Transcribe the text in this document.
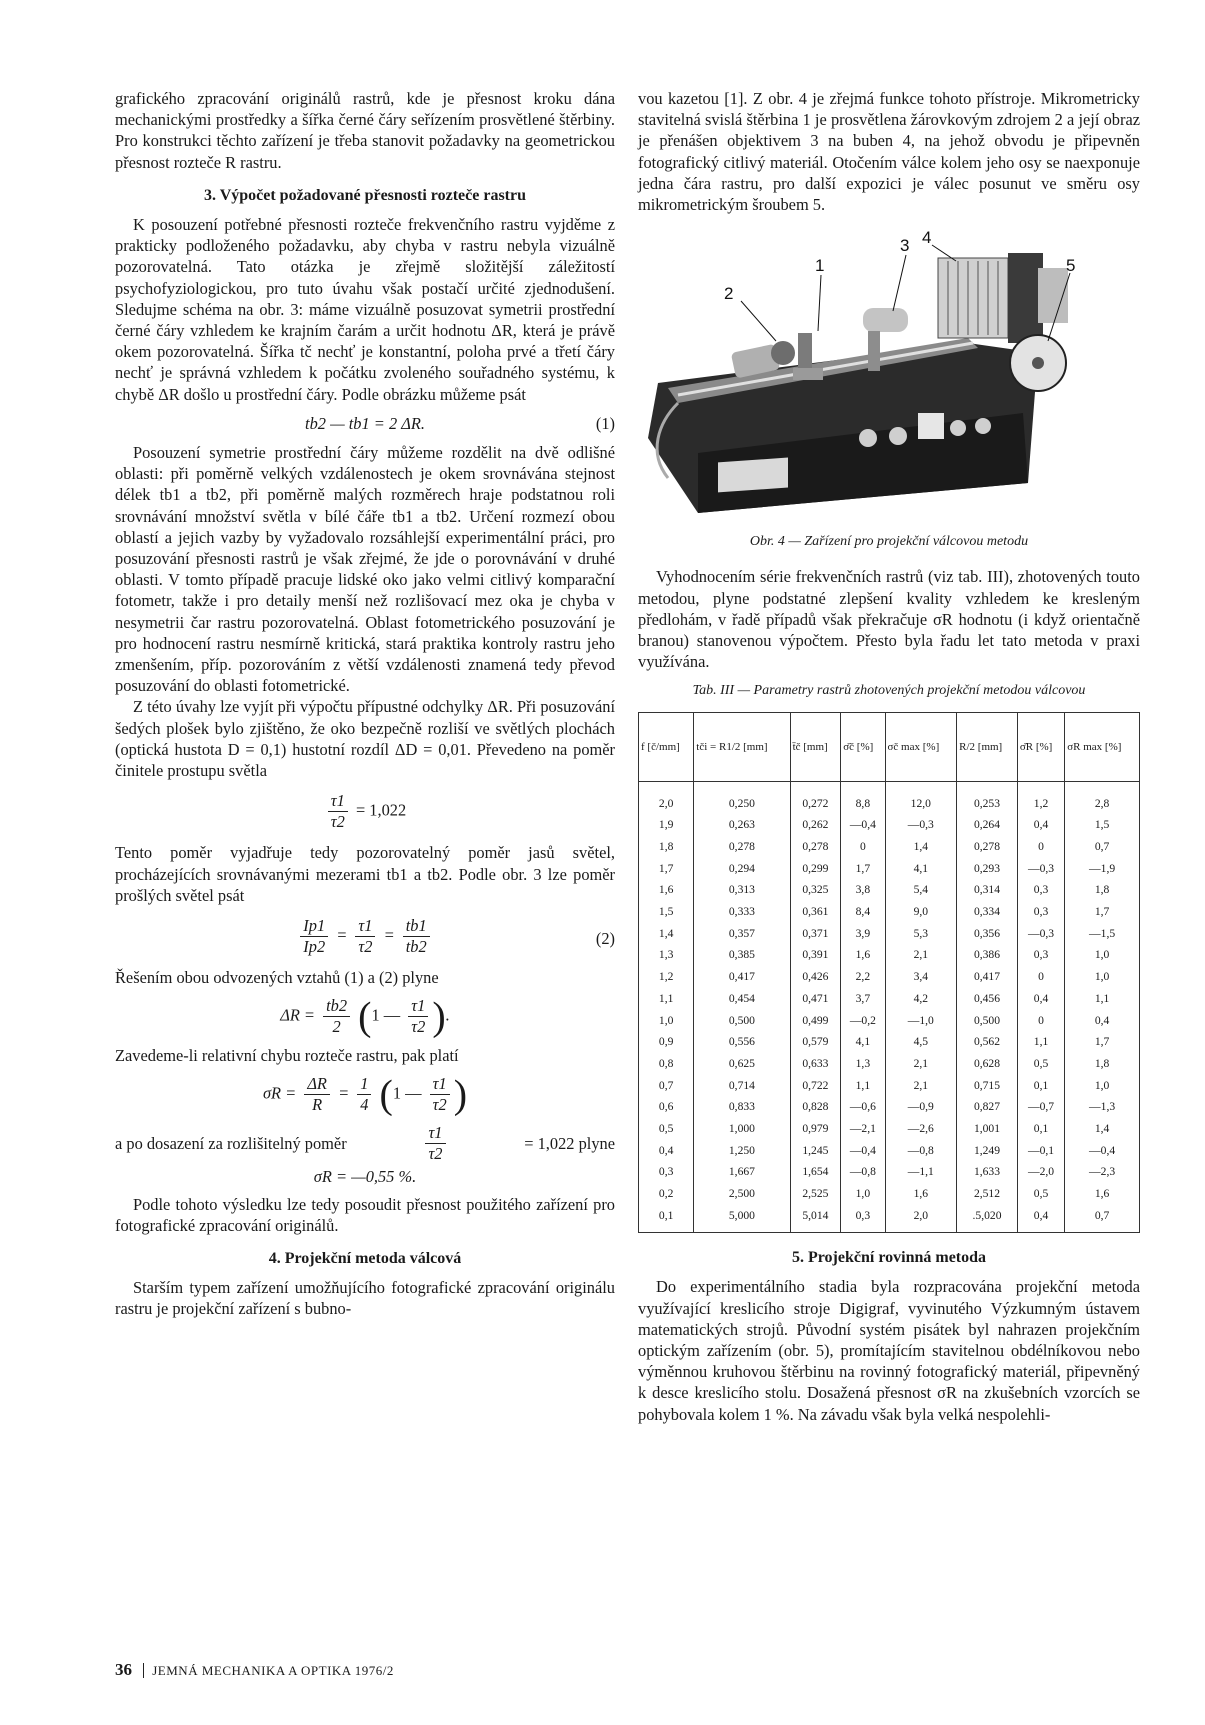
grafického zpracování originálů rastrů, kde je přesnost kroku dána mechanickými prostředky a šířka černé čáry seřízením prosvětlené štěrbiny. Pro konstrukci těchto zařízení je třeba stanovit požadavky na geometrickou přesnost rozteče R rastru.

3. Výpočet požadované přesnosti rozteče rastru

K posouzení potřebné přesnosti rozteče frekvenčního rastru vyjděme z prakticky podloženého požadavku, aby chyba v rastru nebyla vizuálně pozorovatelná. Tato otázka je zřejmě složitější záležitostí psychofyziologickou, pro tuto úvahu však postačí určité zjednodušení. Sledujme schéma na obr. 3: máme vizuálně posuzovat symetrii prostřední černé čáry vzhledem ke krajním čarám a určit hodnotu ΔR, která je právě okem pozorovatelná. Šířka tč nechť je konstantní, poloha prvé a třetí čáry nechť je správná vzhledem k počátku zvoleného souřadného systému, k chybě ΔR došlo u prostřední čáry. Podle obrázku můžeme psát

tb2 — tb1 = 2 ΔR.	(1)

Posouzení symetrie prostřední čáry můžeme rozdělit na dvě odlišné oblasti: při poměrně velkých vzdálenostech je okem srovnávána stejnost délek tb1 a tb2, při poměrně malých rozměrech hraje podstatnou roli srovnávání množství světla v bílé čáře tb1 a tb2. Určení rozmezí obou oblastí a jejich vazby by vyžadovalo rozsáhlejší experimentální práci, pro posuzování přesnosti rastrů je však zřejmé, že jde o porovnávání v druhé oblasti. V tomto případě pracuje lidské oko jako velmi citlivý komparační fotometr, takže i pro detaily menší než rozlišovací mez oka je chyba v nesymetrii čar rastru pozorovatelná. Oblast fotometrického posuzování je pro hodnocení rastru nesmírně kritická, stará praktika kontroly rastru jeho zmenšením, příp. pozorováním z větší vzdálenosti znamená tedy převod posuzování do oblasti fotometrické.

Z této úvahy lze vyjít při výpočtu přípustné odchylky ΔR. Při posuzování šedých plošek bylo zjištěno, že oko bezpečně rozliší ve světlých plochách (optická hustota D = 0,1) hustotní rozdíl ΔD = 0,01. Převedeno na poměr činitele prostupu světla

$\frac{\tau 1}{\tau 2} = 1,022$

Tento poměr vyjadřuje tedy pozorovatelný poměr jasů světel, procházejících srovnávanými mezerami tb1 a tb2. Podle obr. 3 lze poměr prošlých světel psát

$\frac{Ip1}{Ip2} = \frac{\tau 1}{\tau 2} = \frac{tb1}{tb2}$	(2)

Řešením obou odvozených vztahů (1) a (2) plyne

$\Delta R = \frac{tb2}{2} (1$ — $\frac{\tau 1}{\tau 2}$ ).

Zavedeme-li relativní chybu rozteče rastru, pak platí

$\sigma R = \frac{\Delta R}{R} = \frac{1}{4} (1$ — $\frac{\tau 1}{\tau 2}$ )

a po dosazení za rozlišitelný poměr	$\frac{\tau 1}{\tau 2}$	= 1,022 plyne

σR = —0,55 %.

Podle tohoto výsledku lze tedy posoudit přesnost použitého zařízení pro fotografické zpracování originálů.

4. Projekční metoda válcová

Starším typem zařízení umožňujícího fotografické zpracování originálu rastru je projekční zařízení s bubno-

vou kazetou [1]. Z obr. 4 je zřejmá funkce tohoto přístroje. Mikrometricky stavitelná svislá štěrbina 1 je prosvětlena žárovkovým zdrojem 2 a její obraz je přenášen objektivem 3 na buben 4, na jehož obvodu je připevněn fotografický citlivý materiál. Otočením válce kolem jeho osy se naexponuje jedna čára rastru, pro další expozici je válec posunut ve směru osy mikrometrickým šroubem 5.

1
2
3 4
5
Obr. 4 — Zařízení pro projekční válcovou metodu

Vyhodnocením série frekvenčních rastrů (viz tab. III), zhotovených touto metodou, plyne podstatné zlepšení kvality vzhledem ke kresleným předlohám, v řadě případů však překračuje σR hodnotu (i když orientačně branou) stanovenou výpočtem. Přesto byla řadu let tato metoda v praxi využívána.

Tab. III — Parametry rastrů zhotovených projekční metodou válcovou
f [č/mm]	tči = R1/2 [mm]	t̄č [mm]	σ̄č [%]	σč max [%]	R/2 [mm]	σ̄R [%]	σR max [%]
2,0	0,250	0,272	8,8	12,0	0,253	1,2	2,8
1,9	0,263	0,262	—0,4	—0,3	0,264	0,4	1,5
1,8	0,278	0,278	0	1,4	0,278	0	0,7
1,7	0,294	0,299	1,7	4,1	0,293	—0,3	—1,9
1,6	0,313	0,325	3,8	5,4	0,314	0,3	1,8
1,5	0,333	0,361	8,4	9,0	0,334	0,3	1,7
1,4	0,357	0,371	3,9	5,3	0,356	—0,3	—1,5
1,3	0,385	0,391	1,6	2,1	0,386	0,3	1,0
1,2	0,417	0,426	2,2	3,4	0,417	0	1,0
1,1	0,454	0,471	3,7	4,2	0,456	0,4	1,1
1,0	0,500	0,499	—0,2	—1,0	0,500	0	0,4
0,9	0,556	0,579	4,1	4,5	0,562	1,1	1,7
0,8	0,625	0,633	1,3	2,1	0,628	0,5	1,8
0,7	0,714	0,722	1,1	2,1	0,715	0,1	1,0
0,6	0,833	0,828	—0,6	—0,9	0,827	—0,7	—1,3
0,5	1,000	0,979	—2,1	—2,6	1,001	0,1	1,4
0,4	1,250	1,245	—0,4	—0,8	1,249	—0,1	—0,4
0,3	1,667	1,654	—0,8	—1,1	1,633	—2,0	—2,3
0,2	2,500	2,525	1,0	1,6	2,512	0,5	1,6
0,1	5,000	5,014	0,3	2,0	.5,020	0,4	0,7
5. Projekční rovinná metoda

Do experimentálního stadia byla rozpracována projekční metoda využívající kreslicího stroje Digigraf, vyvinutého Výzkumným ústavem matematických strojů. Původní systém pisátek byl nahrazen projekčním optickým zařízením (obr. 5), promítajícím stavitelnou obdélníkovou nebo výměnnou kruhovou štěrbinu na rovinný fotografický materiál, připevněný k desce kreslicího stolu. Dosažená přesnost σR na zkušebních vzorcích se pohybovala kolem 1 %. Na závadu však byla velká nespolehli-

36 JEMNÁ MECHANIKA A OPTIKA 1976/2
